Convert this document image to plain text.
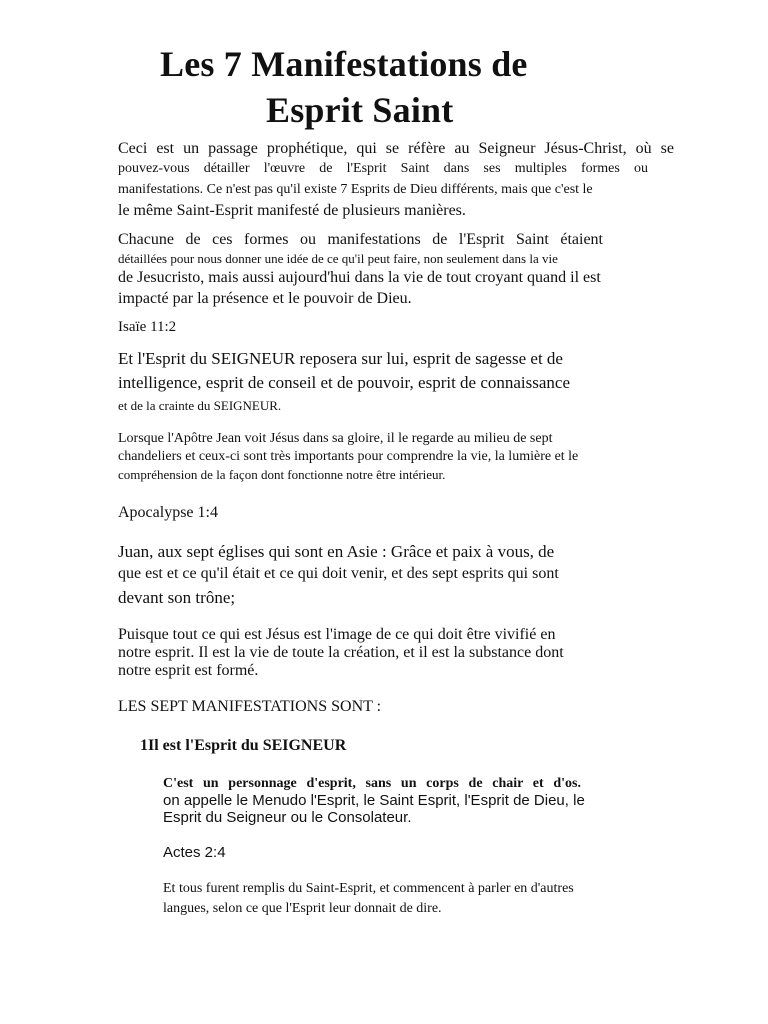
Les 7 Manifestations de
Esprit Saint
Ceci est un passage prophétique, qui se réfère au Seigneur Jésus-Christ, où se
pouvez-vous détailler l'œuvre de l'Esprit Saint dans ses multiples formes ou
manifestations. Ce n'est pas qu'il existe 7 Esprits de Dieu différents, mais que c'est le
le même Saint-Esprit manifesté de plusieurs manières.
Chacune de ces formes ou manifestations de l'Esprit Saint étaient
détaillées pour nous donner une idée de ce qu'il peut faire, non seulement dans la vie
de Jesucristo, mais aussi aujourd'hui dans la vie de tout croyant quand il est
impacté par la présence et le pouvoir de Dieu.
Isaïe 11:2
Et l'Esprit du SEIGNEUR reposera sur lui, esprit de sagesse et de
intelligence, esprit de conseil et de pouvoir, esprit de connaissance
et de la crainte du SEIGNEUR.
Lorsque l'Apôtre Jean voit Jésus dans sa gloire, il le regarde au milieu de sept
chandeliers et ceux-ci sont très importants pour comprendre la vie, la lumière et le
compréhension de la façon dont fonctionne notre être intérieur.
Apocalypse 1:4
Juan, aux sept églises qui sont en Asie : Grâce et paix à vous, de
que est et ce qu'il était et ce qui doit venir, et des sept esprits qui sont
devant son trône;
Puisque tout ce qui est Jésus est l'image de ce qui doit être vivifié en
notre esprit. Il est la vie de toute la création, et il est la substance dont
notre esprit est formé.
LES SEPT MANIFESTATIONS SONT :
1Il est l'Esprit du SEIGNEUR
C'est un personnage d'esprit, sans un corps de chair et d'os.
on appelle le Menudo l'Esprit, le Saint Esprit, l'Esprit de Dieu, le
Esprit du Seigneur ou le Consolateur.
Actes 2:4
Et tous furent remplis du Saint-Esprit, et commencent à parler en d'autres
langues, selon ce que l'Esprit leur donnait de dire.
